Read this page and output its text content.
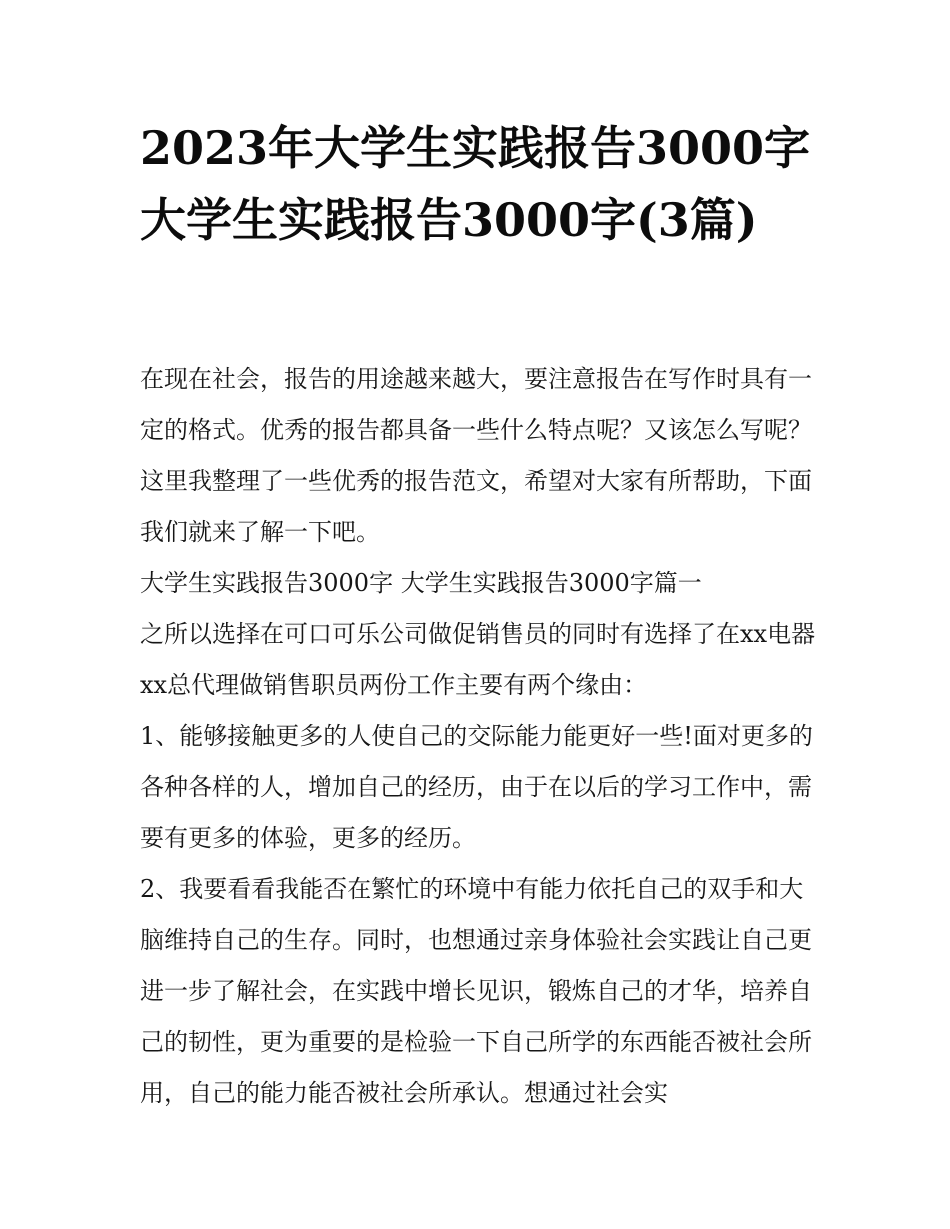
2023年大学生实践报告3000字 大学生实践报告3000字(3篇)

在现在社会，报告的用途越来越大，要注意报告在写作时具有一定的格式。优秀的报告都具备一些什么特点呢？又该怎么写呢？这里我整理了一些优秀的报告范文，希望对大家有所帮助，下面我们就来了解一下吧。

大学生实践报告3000字 大学生实践报告3000字篇一

之所以选择在可口可乐公司做促销售员的同时有选择了在xx电器xx总代理做销售职员两份工作主要有两个缘由：

1、能够接触更多的人使自己的交际能力能更好一些!面对更多的各种各样的人，增加自己的经历，由于在以后的学习工作中，需要有更多的体验，更多的经历。

2、我要看看我能否在繁忙的环境中有能力依托自己的双手和大脑维持自己的生存。同时，也想通过亲身体验社会实践让自己更进一步了解社会，在实践中增长见识，锻炼自己的才华，培养自己的韧性，更为重要的是检验一下自己所学的东西能否被社会所用，自己的能力能否被社会所承认。想通过社会实
